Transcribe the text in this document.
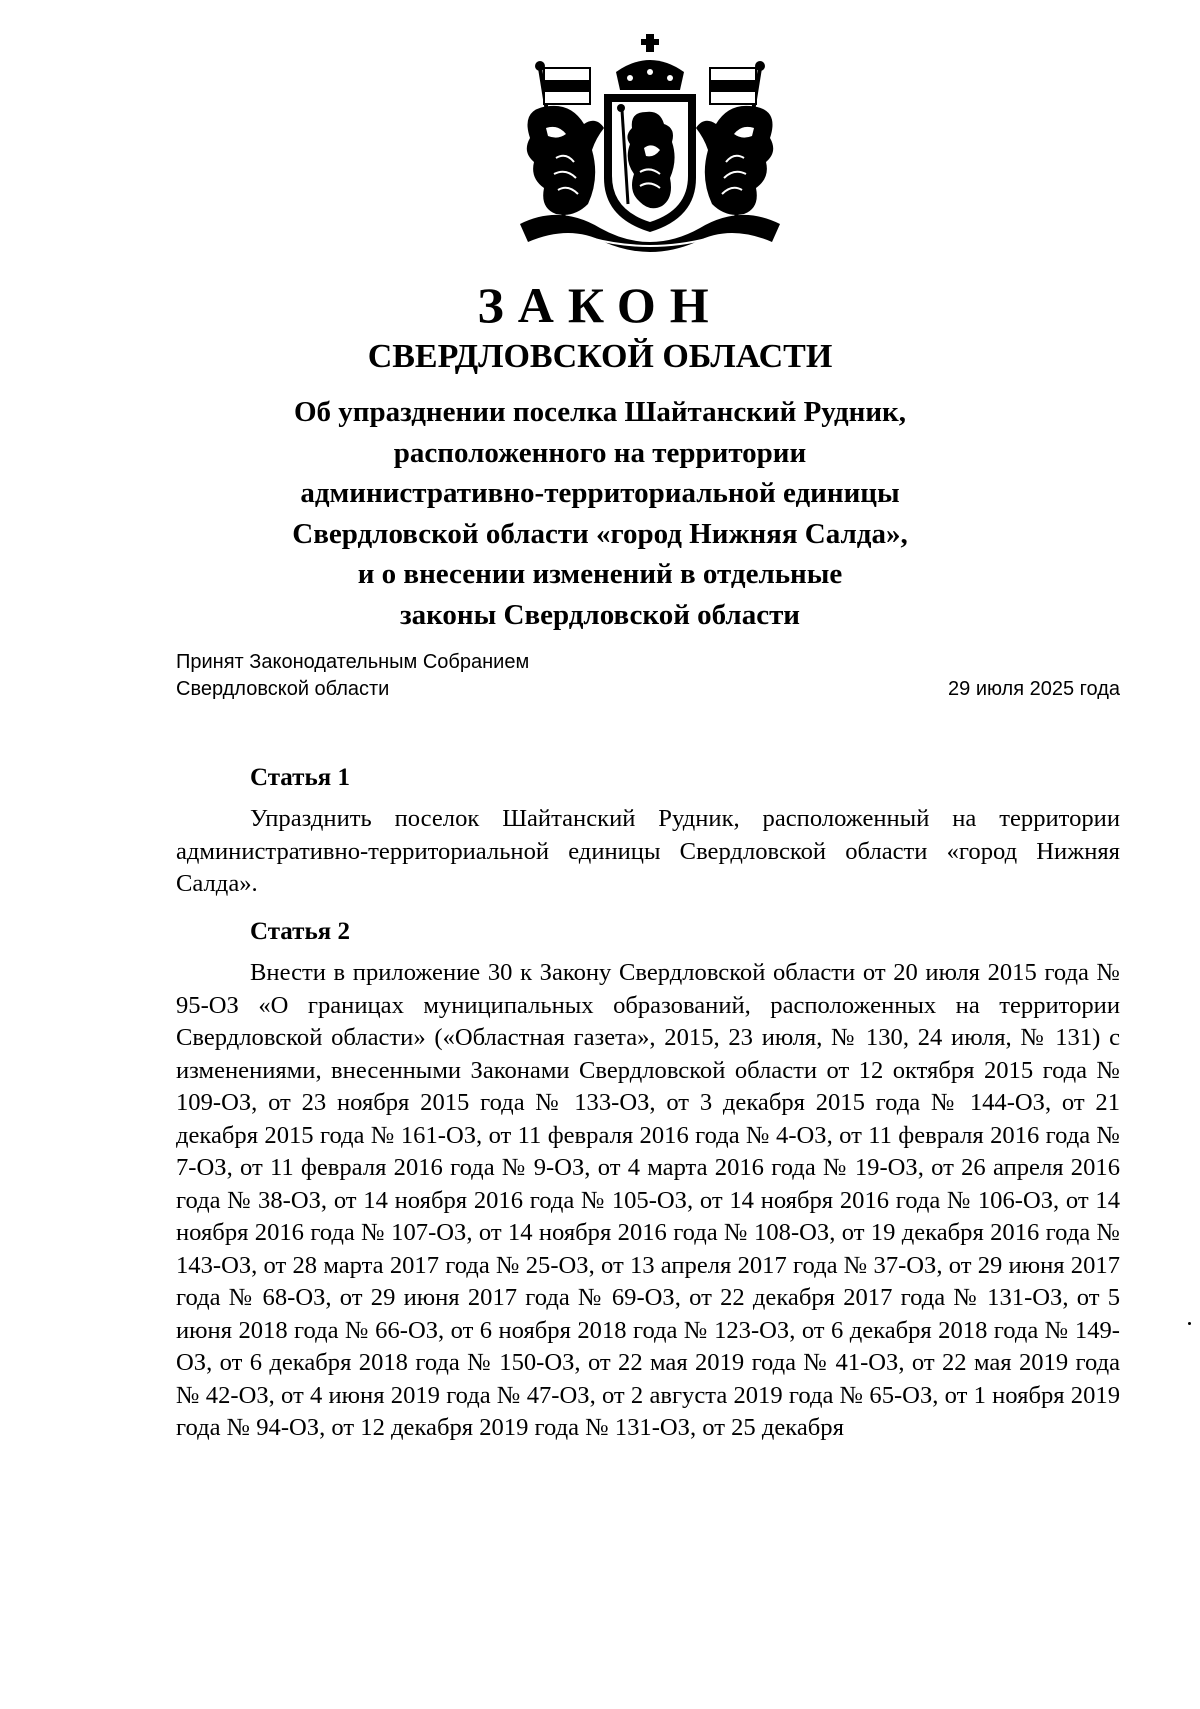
ЗАКОН
СВЕРДЛОВСКОЙ ОБЛАСТИ
Об упразднении поселка Шайтанский Рудник,
расположенного на территории
административно-территориальной единицы
Свердловской области «город Нижняя Салда»,
и о внесении изменений в отдельные
законы Свердловской области
Принят Законодательным Собранием
Свердловской области	29 июля 2025 года
Статья 1
Упразднить поселок Шайтанский Рудник, расположенный на территории административно-территориальной единицы Свердловской области «город Нижняя Салда».
Статья 2
Внести в приложение 30 к Закону Свердловской области от 20 июля 2015 года № 95-ОЗ «О границах муниципальных образований, расположенных на территории Свердловской области» («Областная газета», 2015, 23 июля, № 130, 24 июля, № 131) с изменениями, внесенными Законами Свердловской области от 12 октября 2015 года № 109-ОЗ, от 23 ноября 2015 года № 133-ОЗ, от 3 декабря 2015 года № 144-ОЗ, от 21 декабря 2015 года № 161-ОЗ, от 11 февраля 2016 года № 4-ОЗ, от 11 февраля 2016 года № 7-ОЗ, от 11 февраля 2016 года № 9-ОЗ, от 4 марта 2016 года № 19-ОЗ, от 26 апреля 2016 года № 38-ОЗ, от 14 ноября 2016 года № 105-ОЗ, от 14 ноября 2016 года № 106-ОЗ, от 14 ноября 2016 года № 107-ОЗ, от 14 ноября 2016 года № 108-ОЗ, от 19 декабря 2016 года № 143-ОЗ, от 28 марта 2017 года № 25-ОЗ, от 13 апреля 2017 года № 37-ОЗ, от 29 июня 2017 года № 68-ОЗ, от 29 июня 2017 года № 69-ОЗ, от 22 декабря 2017 года № 131-ОЗ, от 5 июня 2018 года № 66-ОЗ, от 6 ноября 2018 года № 123-ОЗ, от 6 декабря 2018 года № 149-ОЗ, от 6 декабря 2018 года № 150-ОЗ, от 22 мая 2019 года № 41-ОЗ, от 22 мая 2019 года № 42-ОЗ, от 4 июня 2019 года № 47-ОЗ, от 2 августа 2019 года № 65-ОЗ, от 1 ноября 2019 года № 94-ОЗ, от 12 декабря 2019 года № 131-ОЗ, от 25 декабря
